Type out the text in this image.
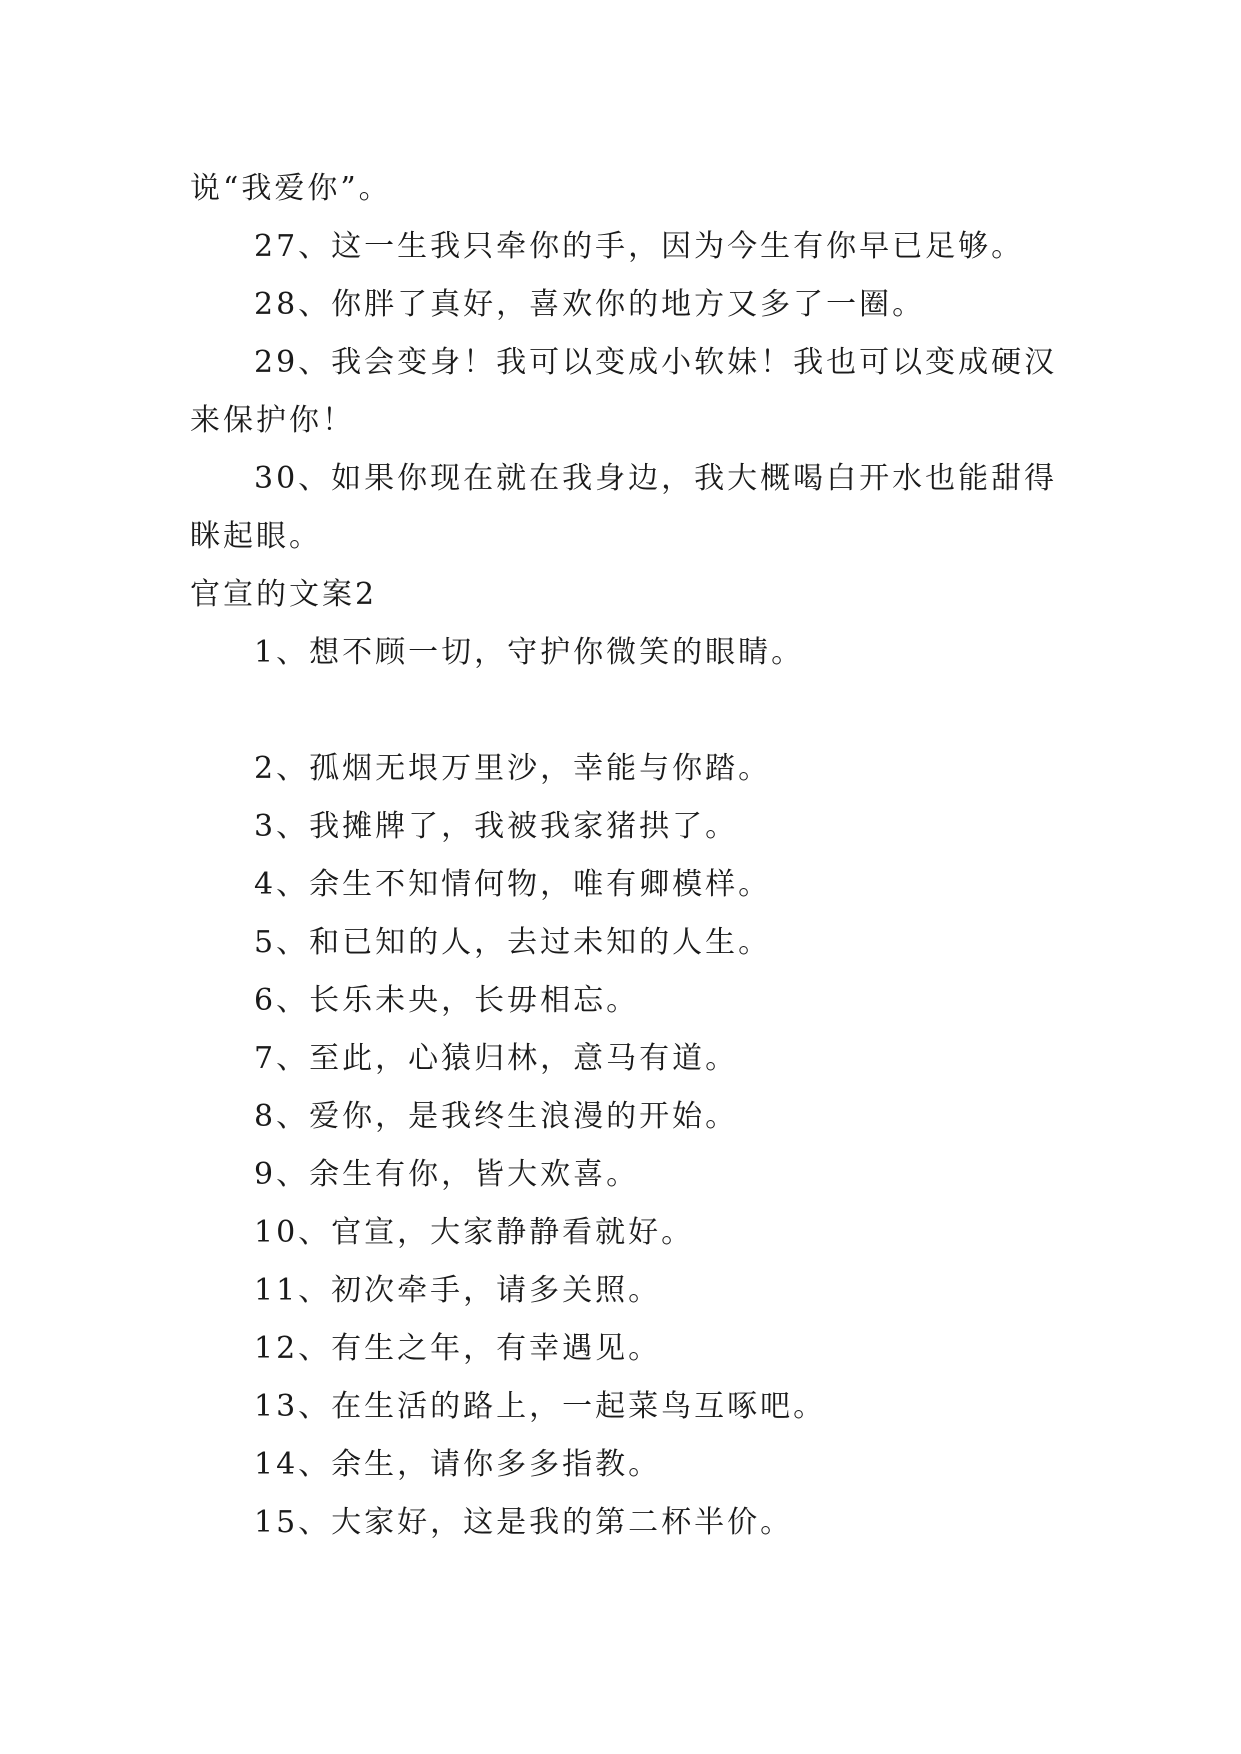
说“我爱你”。

27、这一生我只牵你的手，因为今生有你早已足够。

28、你胖了真好，喜欢你的地方又多了一圈。

29、我会变身！我可以变成小软妹！我也可以变成硬汉来保护你！

30、如果你现在就在我身边，我大概喝白开水也能甜得眯起眼。

官宣的文案2

1、想不顾一切，守护你微笑的眼睛。

2、孤烟无垠万里沙，幸能与你踏。

3、我摊牌了，我被我家猪拱了。

4、余生不知情何物，唯有卿模样。

5、和已知的人，去过未知的人生。

6、长乐未央，长毋相忘。

7、至此，心猿归林，意马有道。

8、爱你，是我终生浪漫的开始。

9、余生有你，皆大欢喜。

10、官宣，大家静静看就好。

11、初次牵手，请多关照。

12、有生之年，有幸遇见。

13、在生活的路上，一起菜鸟互啄吧。

14、余生，请你多多指教。

15、大家好，这是我的第二杯半价。
